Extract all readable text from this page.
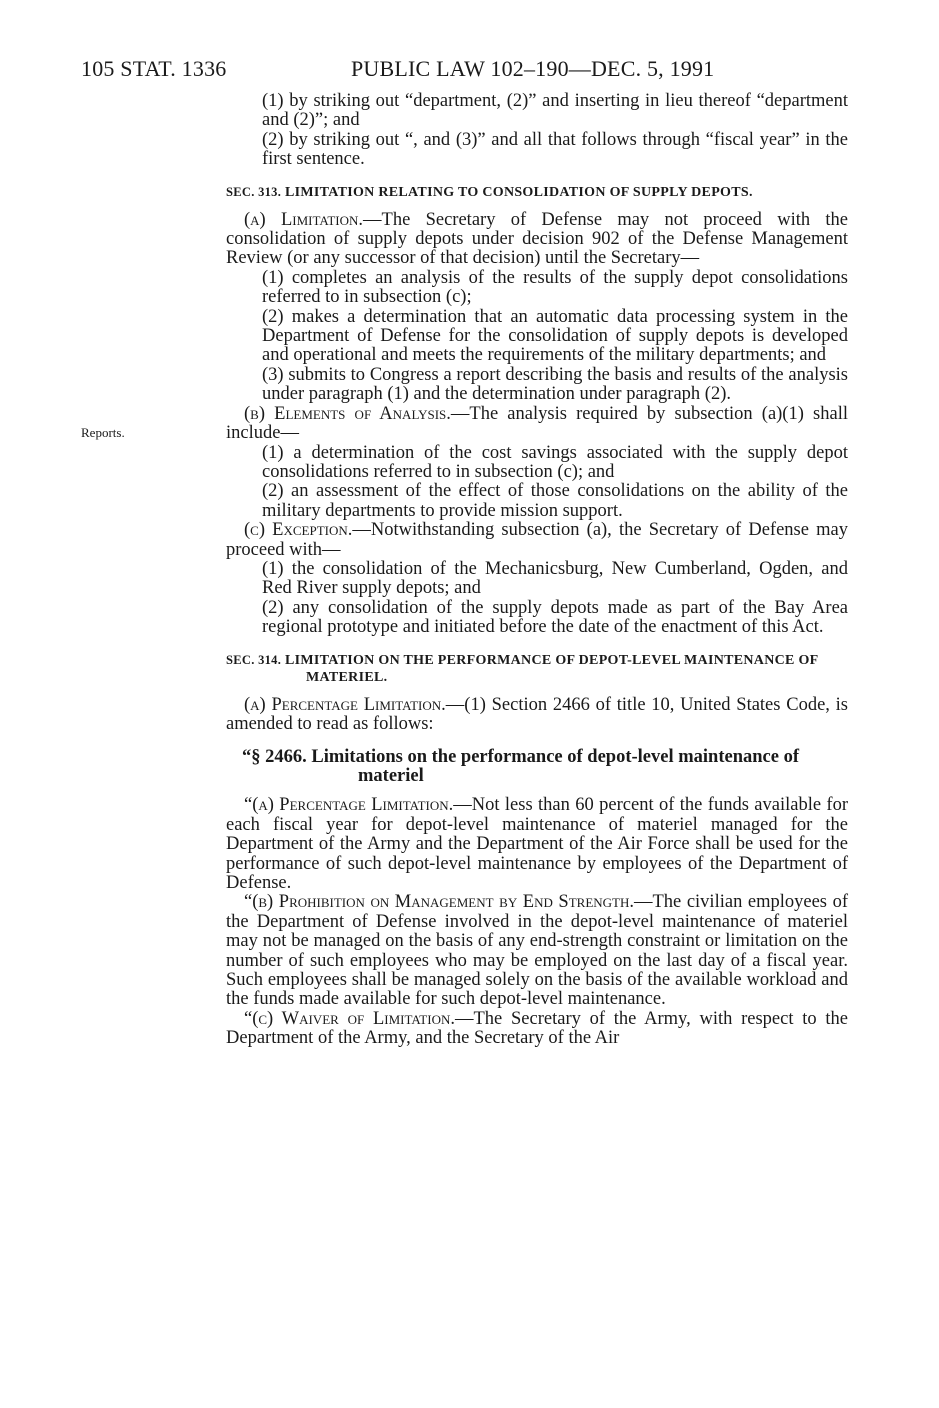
105 STAT. 1336	PUBLIC LAW 102–190—DEC. 5, 1991
Reports.

(1) by striking out “department, (2)” and inserting in lieu thereof “department and (2)”; and

(2) by striking out “, and (3)” and all that follows through “fiscal year” in the first sentence.

SEC. 313. LIMITATION RELATING TO CONSOLIDATION OF SUPPLY DEPOTS.

(a) Limitation.—The Secretary of Defense may not proceed with the consolidation of supply depots under decision 902 of the Defense Management Review (or any successor of that decision) until the Secretary—

(1) completes an analysis of the results of the supply depot consolidations referred to in subsection (c);

(2) makes a determination that an automatic data processing system in the Department of Defense for the consolidation of supply depots is developed and operational and meets the requirements of the military departments; and

(3) submits to Congress a report describing the basis and results of the analysis under paragraph (1) and the determination under paragraph (2).

(b) Elements of Analysis.—The analysis required by subsection (a)(1) shall include—

(1) a determination of the cost savings associated with the supply depot consolidations referred to in subsection (c); and

(2) an assessment of the effect of those consolidations on the ability of the military departments to provide mission support.

(c) Exception.—Notwithstanding subsection (a), the Secretary of Defense may proceed with—

(1) the consolidation of the Mechanicsburg, New Cumberland, Ogden, and Red River supply depots; and

(2) any consolidation of the supply depots made as part of the Bay Area regional prototype and initiated before the date of the enactment of this Act.

SEC. 314. LIMITATION ON THE PERFORMANCE OF DEPOT-LEVEL MAINTENANCE OF MATERIEL.

(a) Percentage Limitation.—(1) Section 2466 of title 10, United States Code, is amended to read as follows:

“§ 2466. Limitations on the performance of depot-level maintenance of materiel

“(a) Percentage Limitation.—Not less than 60 percent of the funds available for each fiscal year for depot-level maintenance of materiel managed for the Department of the Army and the Department of the Air Force shall be used for the performance of such depot-level maintenance by employees of the Department of Defense.

“(b) Prohibition on Management by End Strength.—The civilian employees of the Department of Defense involved in the depot-level maintenance of materiel may not be managed on the basis of any end-strength constraint or limitation on the number of such employees who may be employed on the last day of a fiscal year. Such employees shall be managed solely on the basis of the available workload and the funds made available for such depot-level maintenance.

“(c) Waiver of Limitation.—The Secretary of the Army, with respect to the Department of the Army, and the Secretary of the Air
